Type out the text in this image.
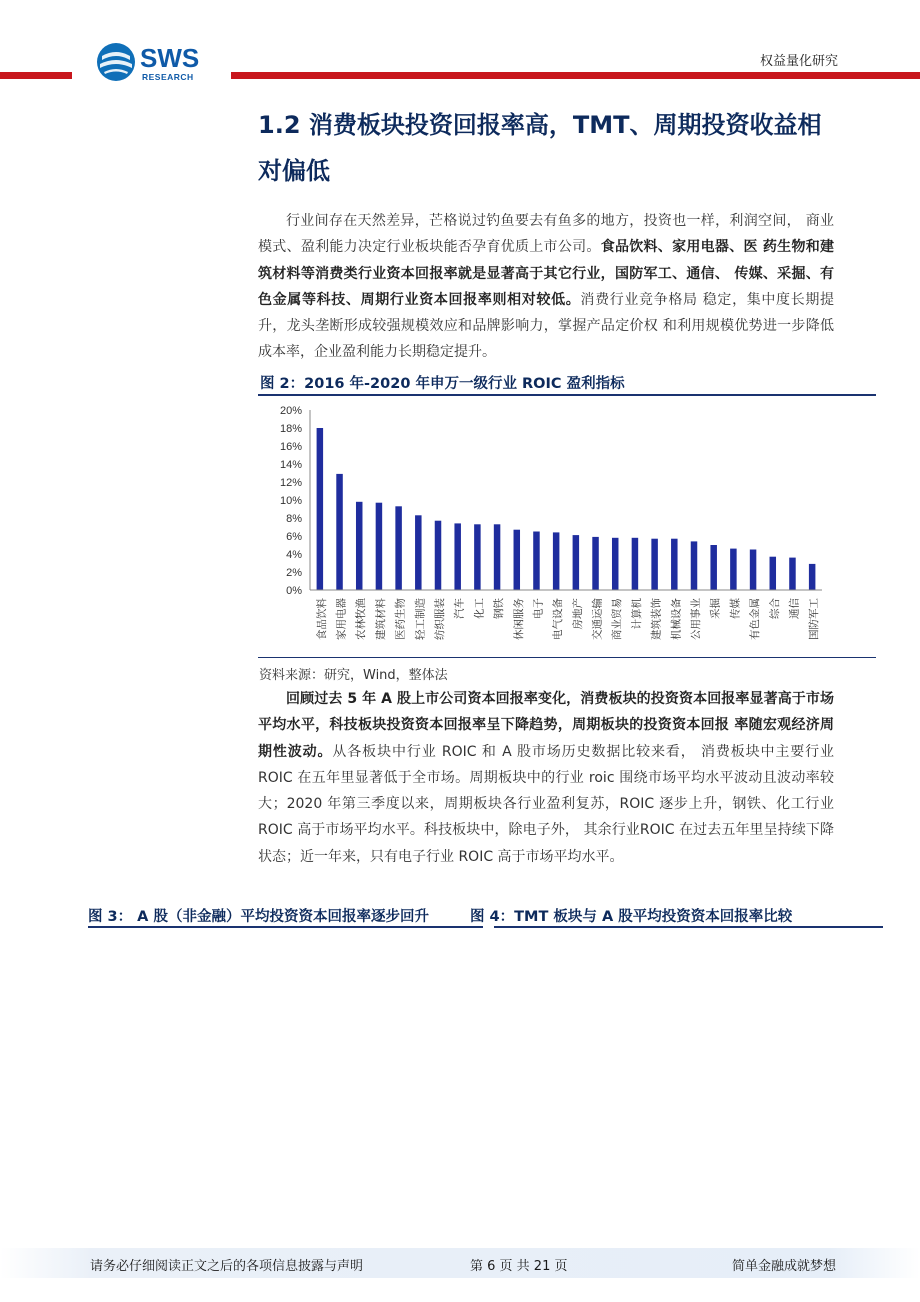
SWS
RESEARCH
权益量化研究
1.2 消费板块投资回报率高，TMT、周期投资收益相
对偏低
行业间存在天然差异，芒格说过钓鱼要去有鱼多的地方，投资也一样，利润空间， 商业模式、盈利能力决定行业板块能否孕育优质上市公司。食品饮料、家用电器、医 药生物和建筑材料等消费类行业资本回报率就是显著高于其它行业，国防军工、通信、 传媒、采掘、有色金属等科技、周期行业资本回报率则相对较低。消费行业竞争格局 稳定，集中度长期提升，龙头垄断形成较强规模效应和品牌影响力，掌握产品定价权 和利用规模优势进一步降低成本率，企业盈利能力长期稳定提升。
图 2：2016 年-2020 年申万一级行业 ROIC 盈利指标
20%
18%
16%
14%
12%
10%
8%
6%
4%
2%
0%
食品饮料 家用电器 农林牧渔 建筑材料 医药生物 轻工制造 纺织服装 汽车 化工 钢铁 休闲服务 电子 电气设备 房地产 交通运输 商业贸易 计算机 建筑装饰 机械设备 公用事业 采掘 传媒 有色金属 综合 通信 国防军工
资料来源：研究，Wind，整体法
回顾过去 5 年 A 股上市公司资本回报率变化，消费板块的投资资本回报率显著高于市场平均水平，科技板块投资资本回报率呈下降趋势，周期板块的投资资本回报 率随宏观经济周期性波动。从各板块中行业 ROIC 和 A 股市场历史数据比较来看， 消费板块中主要行业 ROIC 在五年里显著低于全市场。周期板块中的行业 roic 围绕市场平均水平波动且波动率较大；2020 年第三季度以来，周期板块各行业盈利复苏，ROIC 逐步上升，钢铁、化工行业 ROIC 高于市场平均水平。科技板块中，除电子外， 其余行业ROIC 在过去五年里呈持续下降状态；近一年来，只有电子行业 ROIC 高于市场平均水平。
图 3： A 股（非金融）平均投资资本回报率逐步回升	图 4：TMT 板块与 A 股平均投资资本回报率比较
请务必仔细阅读正文之后的各项信息披露与声明	第 6 页 共 21 页	简单金融成就梦想
